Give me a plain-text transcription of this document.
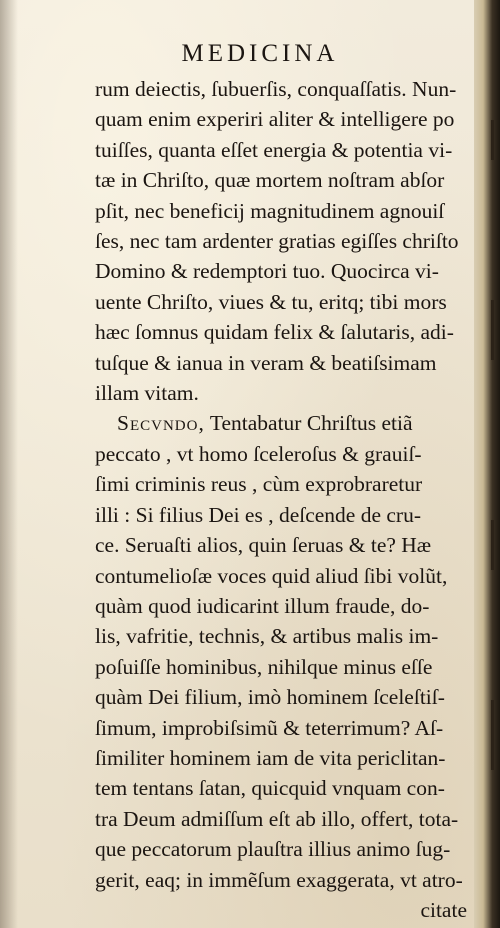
MEDICINA
rum deiectis, ſubuerſis, conquaſſatis. Nun-
quam enim experiri aliter & intelligere po
tuiſſes, quanta eſſet energia & potentia vi-
tæ in Chriſto, quæ mortem noſtram abſor
pſit, nec beneficij magnitudinem agnouiſ
ſes, nec tam ardenter gratias egiſſes chriſto
Domino & redemptori tuo. Quocirca vi-
uente Chriſto, viues & tu, eritq; tibi mors
hæc ſomnus quidam felix & ſalutaris, adi-
tuſque & ianua in veram & beatiſsimam
illam vitam.
Secvndo, Tentabatur Chriſtus etiã
peccato , vt homo ſceleroſus & grauiſ-
ſimi criminis reus , cùm exprobraretur
illi : Si filius Dei es , deſcende de cru-
ce. Seruaſti alios, quin ſeruas & te? Hæ
contumelioſæ voces quid aliud ſibi volũt,
quàm quod iudicarint illum fraude, do-
lis, vafritie, technis, & artibus malis im-
poſuiſſe hominibus, nihilque minus eſſe
quàm Dei filium, imò hominem ſceleſtiſ-
ſimum, improbiſsimũ & teterrimum? Aſ-
ſimiliter hominem iam de vita periclitan-
tem tentans ſatan, quicquid vnquam con-
tra Deum admiſſum eſt ab illo, offert, tota-
que peccatorum plauſtra illius animo ſug-
gerit, eaq; in immẽſum exaggerata, vt atro-
citate
